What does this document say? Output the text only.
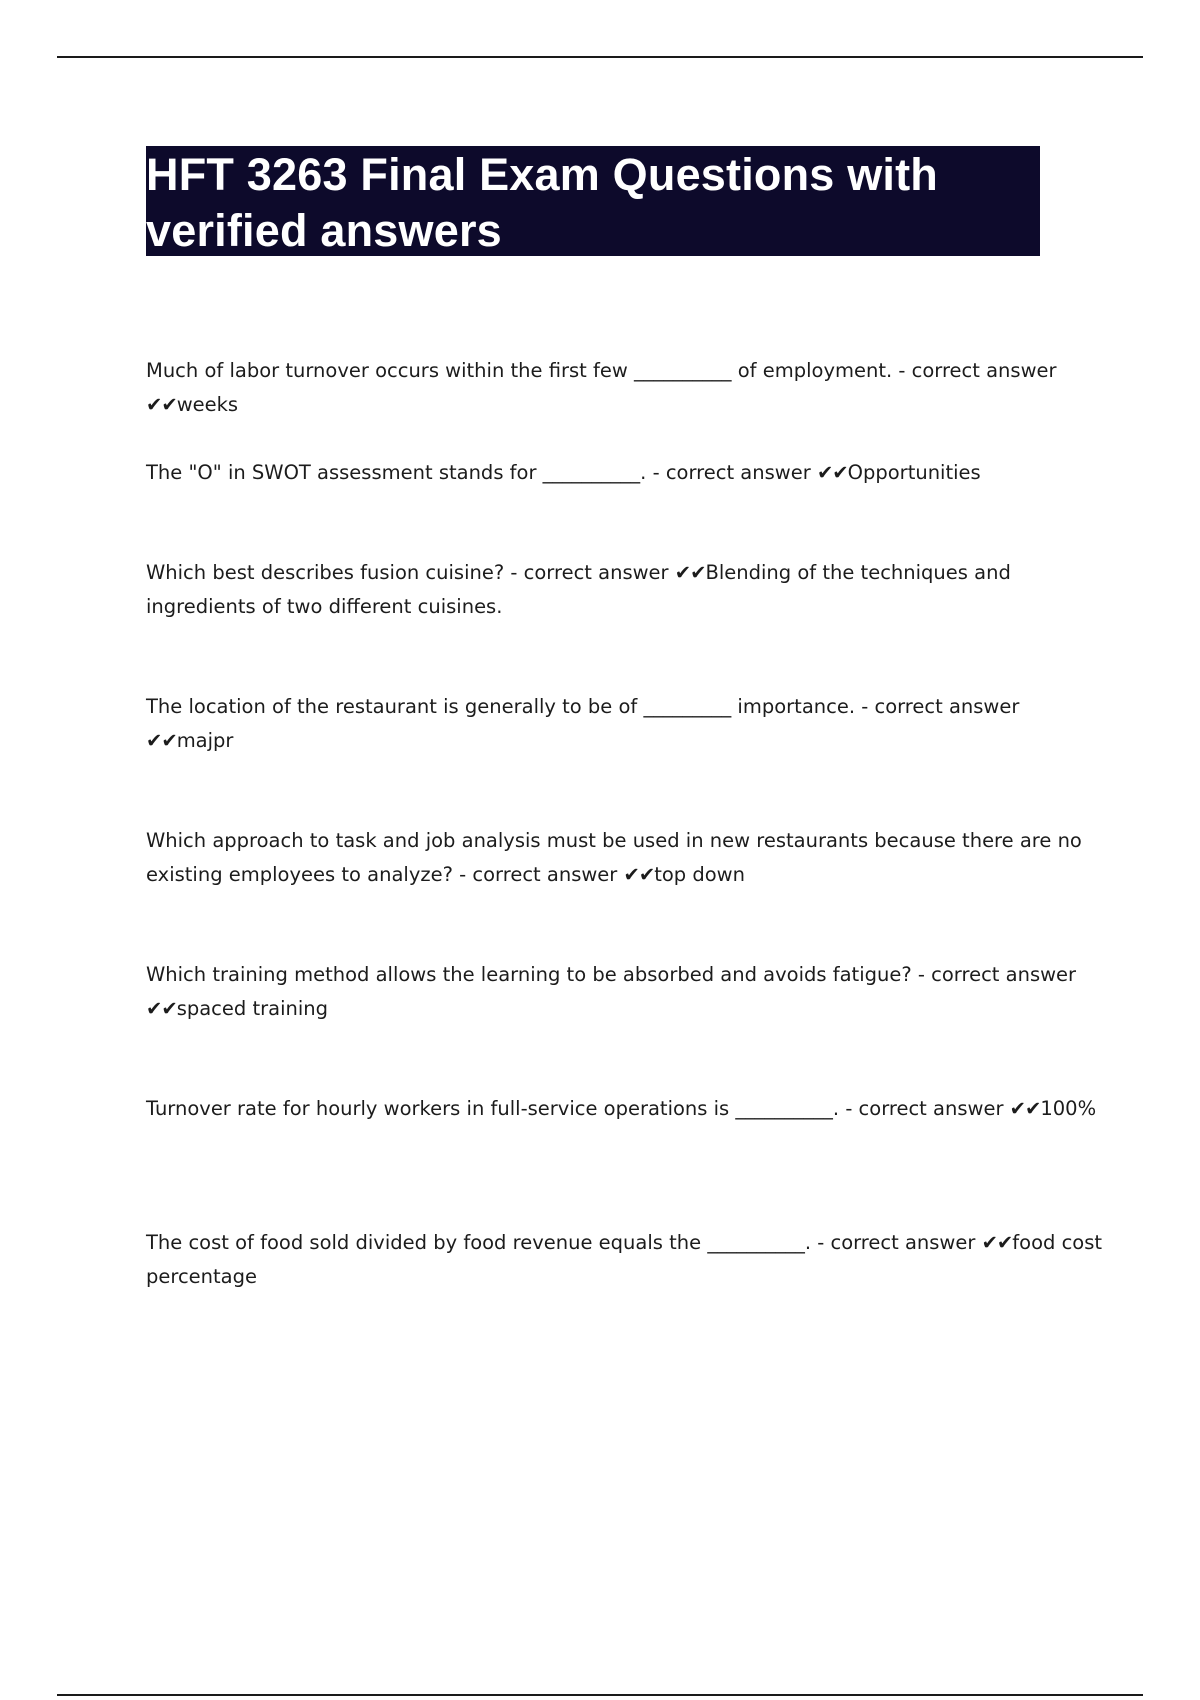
HFT 3263 Final Exam Questions with verified answers
Much of labor turnover occurs within the first few __________ of employment. - correct answer ✔✔weeks
The "O" in SWOT assessment stands for __________. - correct answer ✔✔Opportunities
Which best describes fusion cuisine? - correct answer ✔✔Blending of the techniques and ingredients of two different cuisines.
The location of the restaurant is generally to be of _________ importance. - correct answer ✔✔majpr
Which approach to task and job analysis must be used in new restaurants because there are no existing employees to analyze? - correct answer ✔✔top down
Which training method allows the learning to be absorbed and avoids fatigue? - correct answer ✔✔spaced training
Turnover rate for hourly workers in full-service operations is __________. - correct answer ✔✔100%
The cost of food sold divided by food revenue equals the __________. - correct answer ✔✔food cost percentage
